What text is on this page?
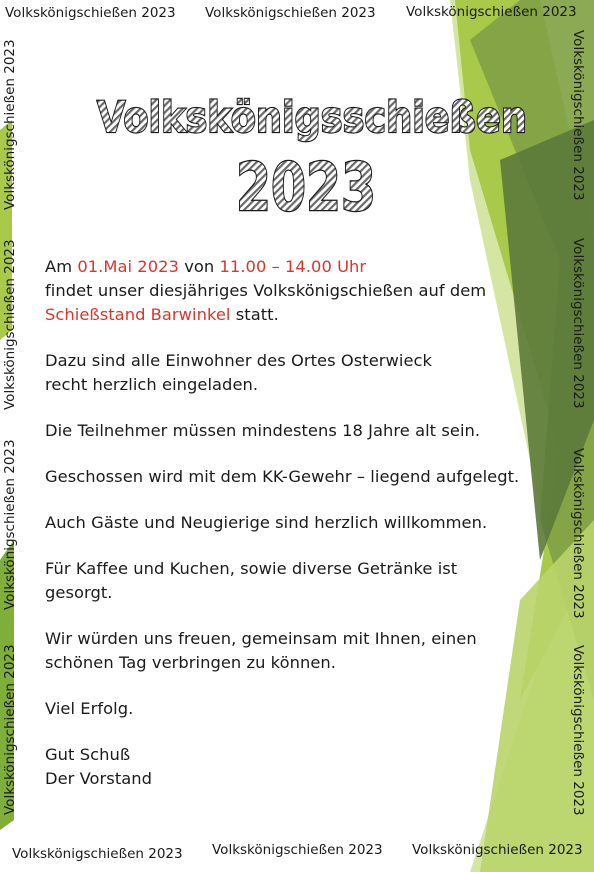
Volkskönigschießen 2023 Volkskönigschießen 2023 Volkskönigschießen 2023
Volkskönigschießen 2023 Volkskönigschießen 2023 Volkskönigschießen 2023
Volkskönigschießen 2023
Volkskönigschießen 2023
Volkskönigschießen 2023
Volkskönigschießen 2023
Volkskönigschießen 2023
Volkskönigschießen 2023
Volkskönigschießen 2023
Volkskönigschießen 2023
Volkskönigsschießen
2023

Am 01.Mai 2023 von 11.00 – 14.00 Uhr
findet unser diesjähriges Volkskönigschießen auf dem
Schießstand Barwinkel statt.

Dazu sind alle Einwohner des Ortes Osterwieck
recht herzlich eingeladen.

Die Teilnehmer müssen mindestens 18 Jahre alt sein.

Geschossen wird mit dem KK-Gewehr – liegend aufgelegt.

Auch Gäste und Neugierige sind herzlich willkommen.

Für Kaffee und Kuchen, sowie diverse Getränke ist
gesorgt.

Wir würden uns freuen, gemeinsam mit Ihnen, einen
schönen Tag verbringen zu können.

Viel Erfolg.

Gut Schuß

Der Vorstand
